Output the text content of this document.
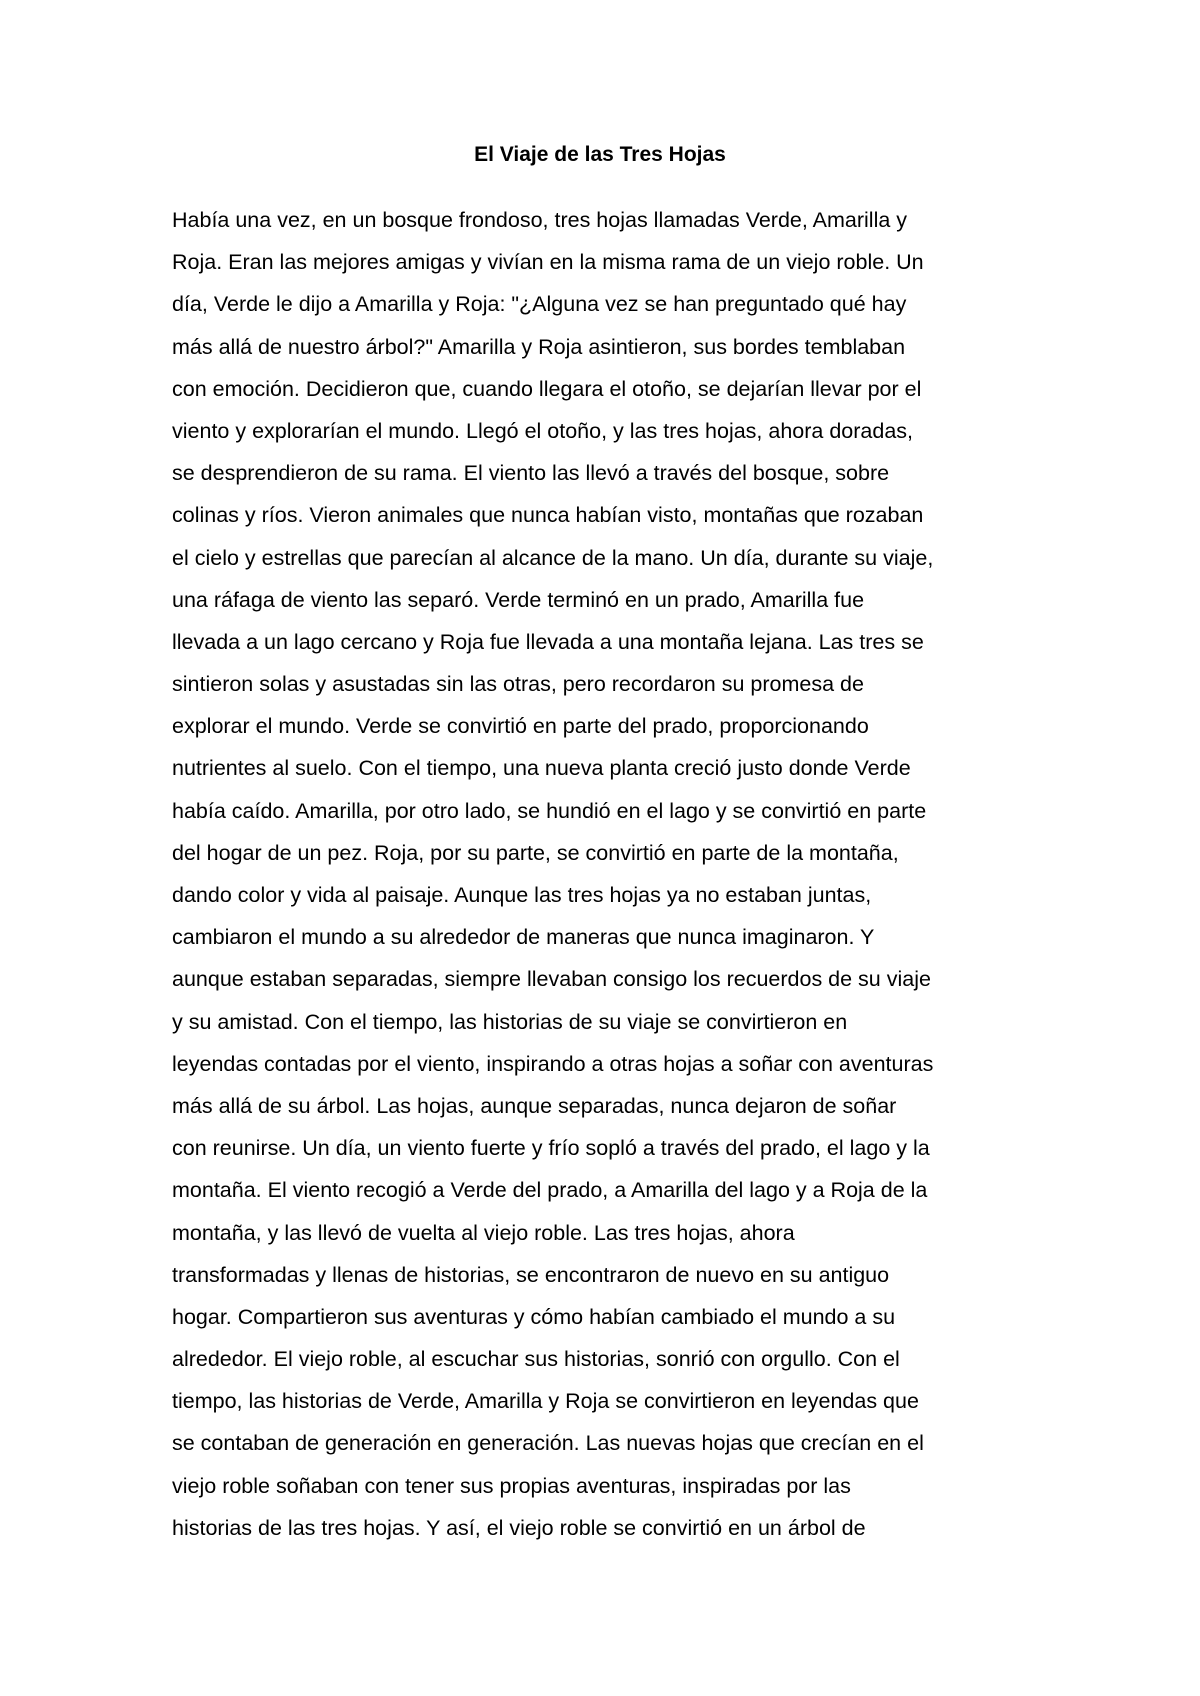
El Viaje de las Tres Hojas
Había una vez, en un bosque frondoso, tres hojas llamadas Verde, Amarilla y
Roja. Eran las mejores amigas y vivían en la misma rama de un viejo roble. Un
día, Verde le dijo a Amarilla y Roja: "¿Alguna vez se han preguntado qué hay
más allá de nuestro árbol?" Amarilla y Roja asintieron, sus bordes temblaban
con emoción. Decidieron que, cuando llegara el otoño, se dejarían llevar por el
viento y explorarían el mundo. Llegó el otoño, y las tres hojas, ahora doradas,
se desprendieron de su rama. El viento las llevó a través del bosque, sobre
colinas y ríos. Vieron animales que nunca habían visto, montañas que rozaban
el cielo y estrellas que parecían al alcance de la mano. Un día, durante su viaje,
una ráfaga de viento las separó. Verde terminó en un prado, Amarilla fue
llevada a un lago cercano y Roja fue llevada a una montaña lejana. Las tres se
sintieron solas y asustadas sin las otras, pero recordaron su promesa de
explorar el mundo. Verde se convirtió en parte del prado, proporcionando
nutrientes al suelo. Con el tiempo, una nueva planta creció justo donde Verde
había caído. Amarilla, por otro lado, se hundió en el lago y se convirtió en parte
del hogar de un pez. Roja, por su parte, se convirtió en parte de la montaña,
dando color y vida al paisaje. Aunque las tres hojas ya no estaban juntas,
cambiaron el mundo a su alrededor de maneras que nunca imaginaron. Y
aunque estaban separadas, siempre llevaban consigo los recuerdos de su viaje
y su amistad. Con el tiempo, las historias de su viaje se convirtieron en
leyendas contadas por el viento, inspirando a otras hojas a soñar con aventuras
más allá de su árbol. Las hojas, aunque separadas, nunca dejaron de soñar
con reunirse. Un día, un viento fuerte y frío sopló a través del prado, el lago y la
montaña. El viento recogió a Verde del prado, a Amarilla del lago y a Roja de la
montaña, y las llevó de vuelta al viejo roble. Las tres hojas, ahora
transformadas y llenas de historias, se encontraron de nuevo en su antiguo
hogar. Compartieron sus aventuras y cómo habían cambiado el mundo a su
alrededor. El viejo roble, al escuchar sus historias, sonrió con orgullo. Con el
tiempo, las historias de Verde, Amarilla y Roja se convirtieron en leyendas que
se contaban de generación en generación. Las nuevas hojas que crecían en el
viejo roble soñaban con tener sus propias aventuras, inspiradas por las
historias de las tres hojas. Y así, el viejo roble se convirtió en un árbol de
